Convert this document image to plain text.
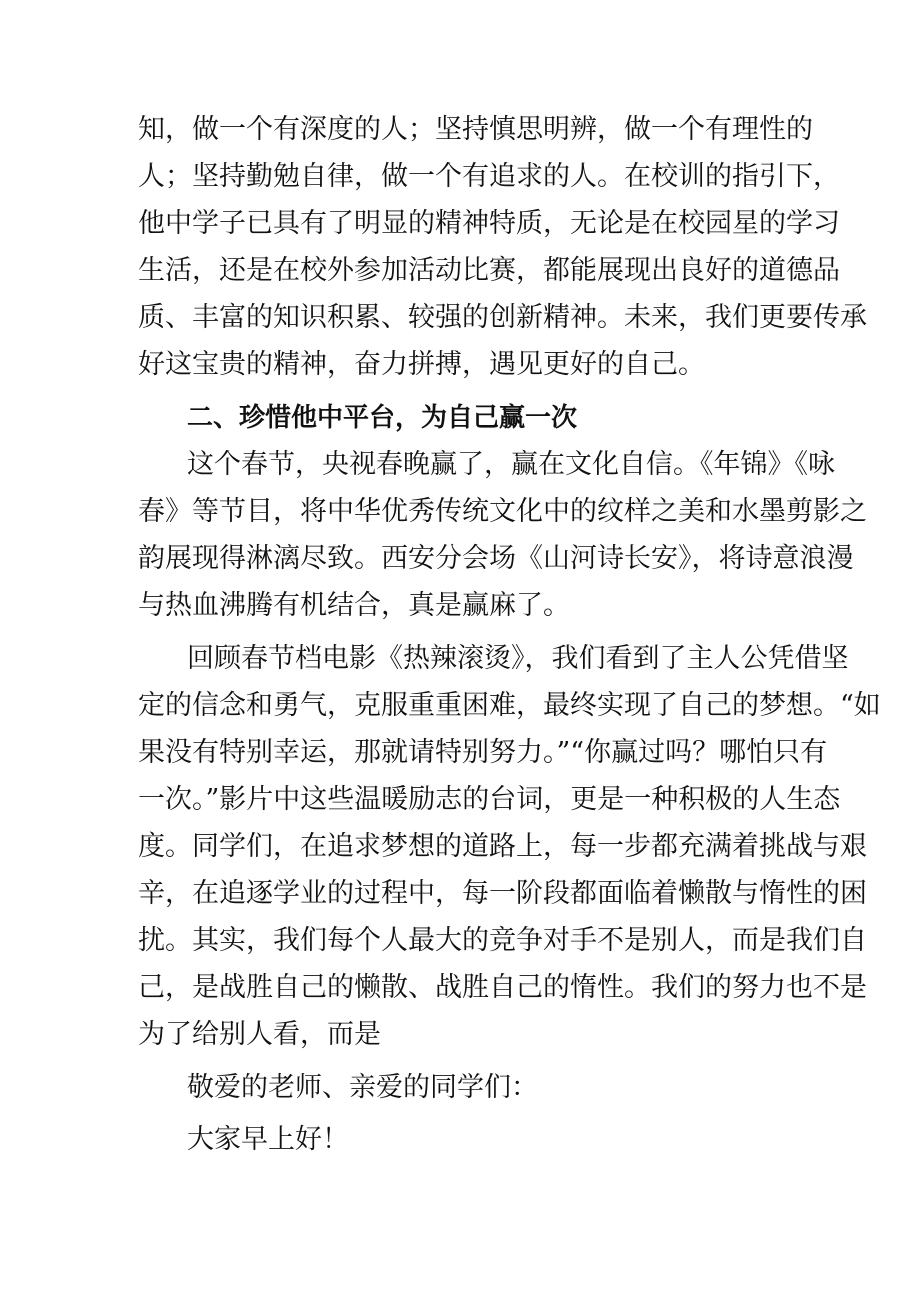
知，做一个有深度的人；坚持慎思明辨，做一个有理性的

人；坚持勤勉自律，做一个有追求的人。在校训的指引下，

他中学子已具有了明显的精神特质，无论是在校园星的学习

生活，还是在校外参加活动比赛，都能展现出良好的道德品

质、丰富的知识积累、较强的创新精神。未来，我们更要传承

好这宝贵的精神，奋力拼搏，遇见更好的自己。

二、珍惜他中平台，为自己赢一次

这个春节，央视春晚赢了，赢在文化自信。《年锦》《咏

春》等节目，将中华优秀传统文化中的纹样之美和水墨剪影之

韵展现得淋漓尽致。西安分会场《山河诗长安》，将诗意浪漫

与热血沸腾有机结合，真是赢麻了。

回顾春节档电影《热辣滚烫》，我们看到了主人公凭借坚

定的信念和勇气，克服重重困难，最终实现了自己的梦想。“如

果没有特别幸运，那就请特别努力。”“你赢过吗？哪怕只有

一次。”影片中这些温暖励志的台词，更是一种积极的人生态

度。同学们，在追求梦想的道路上，每一步都充满着挑战与艰

辛，在追逐学业的过程中，每一阶段都面临着懒散与惰性的困

扰。其实，我们每个人最大的竞争对手不是别人，而是我们自

己，是战胜自己的懒散、战胜自己的惰性。我们的努力也不是

为了给别人看，而是

敬爱的老师、亲爱的同学们：

大家早上好！
